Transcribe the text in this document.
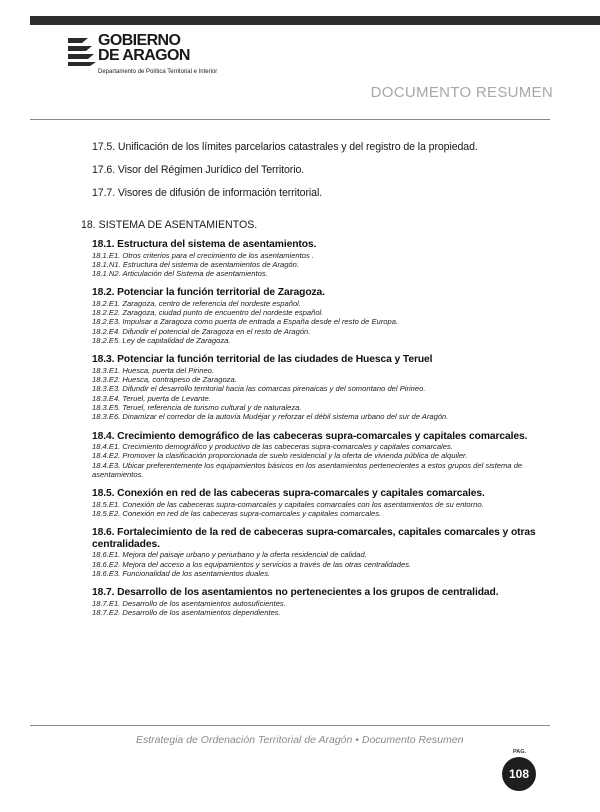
GOBIERNO
DE ARAGON
Departamento de Política Territorial e Interior
DOCUMENTO RESUMEN
17.5. Unificación de los límites parcelarios catastrales y del registro de la propiedad.
17.6. Visor del Régimen Jurídico del Territorio.
17.7. Visores de difusión de información territorial.
18. SISTEMA DE ASENTAMIENTOS.
18.1. Estructura del sistema de asentamientos.
18.1.E1. Otros criterios para el crecimiento de los asentamientos .
18.1.N1. Estructura del sistema de asentamientos de Aragón.
18.1.N2. Articulación del Sistema de asentamientos.
18.2. Potenciar la función territorial de Zaragoza.
18.2.E1. Zaragoza, centro de referencia del nordeste español.
18.2.E2. Zaragoza, ciudad punto de encuentro del nordeste español.
18.2.E3. Impulsar a Zaragoza como puerta de entrada a España desde el resto de Europa.
18.2.E4. Difundir el potencial de Zaragoza en el resto de Aragón.
18.2.E5. Ley de capitalidad de Zaragoza.
18.3. Potenciar la función territorial de las ciudades de Huesca y Teruel
18.3.E1. Huesca, puerta del Pirineo.
18.3.E2. Huesca, contrapeso de Zaragoza.
18.3.E3. Difundir el desarrollo territorial hacia las comarcas pirenaicas y del somontano del Pirineo.
18.3.E4. Teruel, puerta de Levante.
18.3.E5. Teruel, referencia de turismo cultural y de naturaleza.
18.3.E6. Dinamizar el corredor de la autovía Mudéjar y reforzar el débil sistema urbano del sur de Aragón.
18.4. Crecimiento demográfico de las cabeceras supra-comarcales y capitales comarcales.
18.4.E1. Crecimiento demográfico y productivo de las cabeceras supra-comarcales y capitales comarcales.
18.4.E2. Promover la clasificación proporcionada de suelo residencial y la oferta de vivienda pública de alquiler.
18.4.E3. Ubicar preferentemente los equipamientos básicos en los asentamientos pertenecientes a estos grupos del sistema de asentamientos.
18.5. Conexión en red de las cabeceras supra-comarcales y capitales comarcales.
18.5.E1. Conexión de las cabeceras supra-comarcales y capitales comarcales con los asentamientos de su entorno.
18.5.E2. Conexión en red de las cabeceras supra-comarcales y capitales comarcales.
18.6. Fortalecimiento de la red de cabeceras supra-comarcales, capitales comarcales y otras centralidades.
18.6.E1. Mejora del paisaje urbano y periurbano y la oferta residencial de calidad.
18.6.E2. Mejora del acceso a los equipamientos y servicios a través de las otras centralidades.
18.6.E3. Funcionalidad de los asentamientos duales.
18.7. Desarrollo de los asentamientos no pertenecientes a los grupos de centralidad.
18.7.E1. Desarrollo de los asentamientos autosuficientes.
18.7.E2. Desarrollo de los asentamientos dependientes.
Estrategia de Ordenación Territorial de Aragón • Documento Resumen
PAG.
108
